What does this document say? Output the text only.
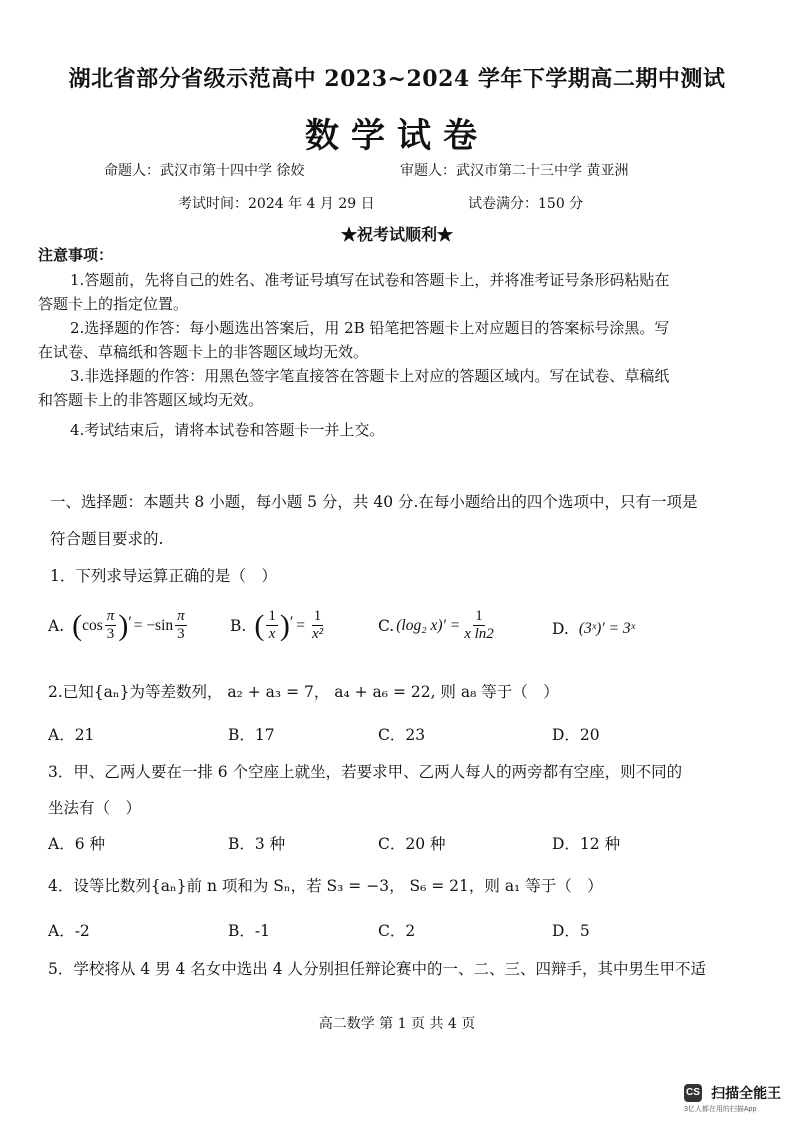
湖北省部分省级示范高中 2023~2024 学年下学期高二期中测试
数学试卷
命题人：武汉市第十四中学 徐姣	审题人：武汉市第二十三中学 黄亚洲
考试时间：2024 年 4 月 29 日	试卷满分：150 分
★祝考试顺利★
注意事项：
1.答题前，先将自己的姓名、准考证号填写在试卷和答题卡上，并将准考证号条形码粘贴在
答题卡上的指定位置。
2.选择题的作答：每小题选出答案后，用 2B 铅笔把答题卡上对应题目的答案标号涂黑。写
在试卷、草稿纸和答题卡上的非答题区域均无效。
3.非选择题的作答：用黑色签字笔直接答在答题卡上对应的答题区域内。写在试卷、草稿纸
和答题卡上的非答题区域均无效。
4.考试结束后，请将本试卷和答题卡一并上交。
一、选择题：本题共 8 小题，每小题 5 分，共 40 分.在每小题给出的四个选项中，只有一项是
符合题目要求的.
1．下列求导运算正确的是（　）
A. ( $\cos \frac{\pi}{3}$ ) ′ = $-\sin \frac{\pi}{3}$	B. ( $\frac{1}{x}$ ) ′ = $\frac{1}{\text{x²}}$	C. (log₂ $x)' = \frac{1}{\text{x ln2}}$	D. (3ˣ)′ = 3ˣ
2.已知{aₙ}为等差数列， a₂ + a₃ = 7， a₄ + a₆ = 22, 则 a₈ 等于（　）
A．21	B．17	C．23	D．20
3．甲、乙两人要在一排 6 个空座上就坐，若要求甲、乙两人每人的两旁都有空座，则不同的
坐法有（　）
A．6 种	B．3 种	C．20 种	D．12 种
4．设等比数列{aₙ}前 n 项和为 Sₙ，若 S₃ = −3， S₆ = 21，则 a₁ 等于（　）
A．-2	B．-1	C．2	D．5
5．学校将从 4 男 4 名女中选出 4 人分别担任辩论赛中的一、二、三、四辩手，其中男生甲不适
高二数学 第 1 页 共 4 页
CS 扫描全能王
3亿人都在用的扫描App
